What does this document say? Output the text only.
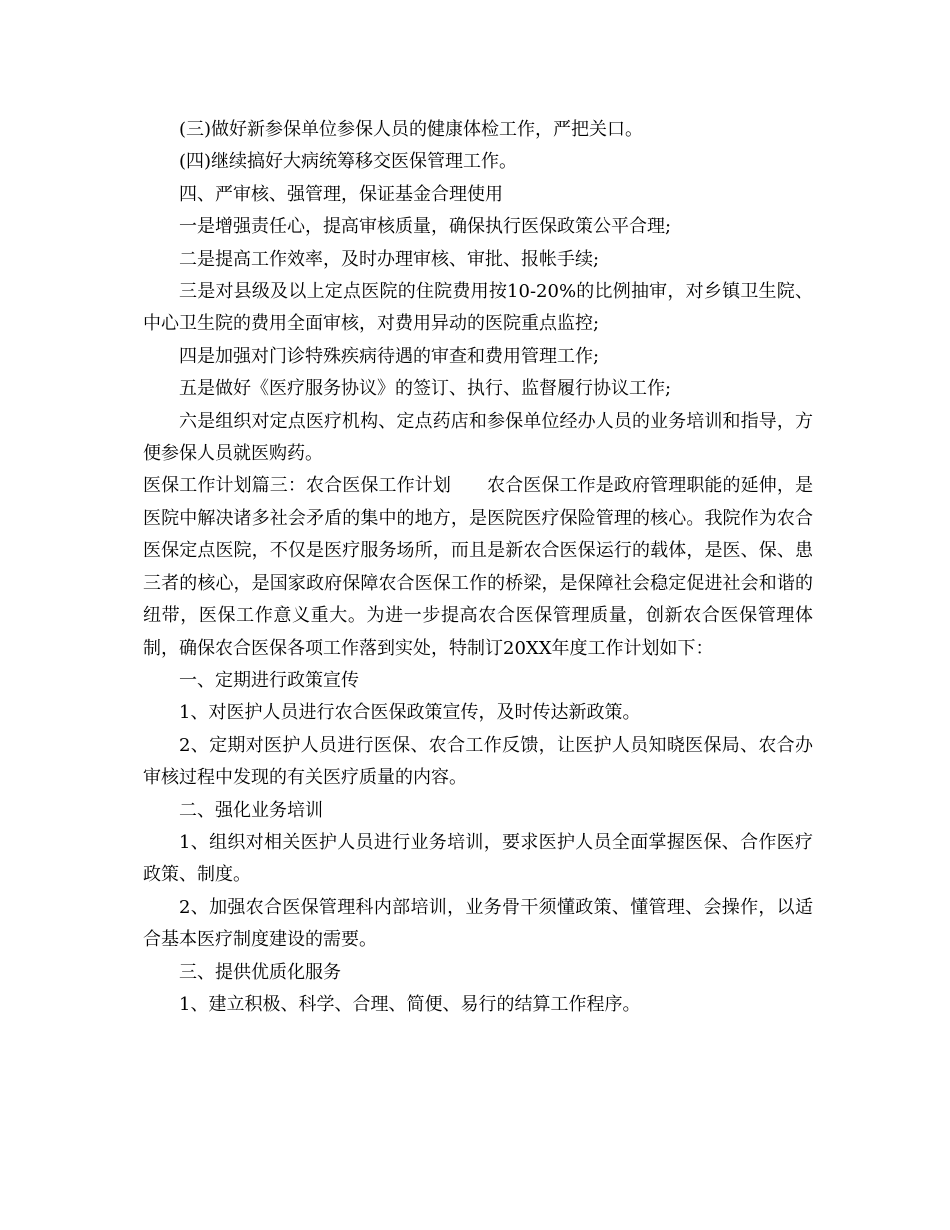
(三)做好新参保单位参保人员的健康体检工作，严把关口。

(四)继续搞好大病统筹移交医保管理工作。

四、严审核、强管理，保证基金合理使用

一是增强责任心，提高审核质量，确保执行医保政策公平合理;

二是提高工作效率，及时办理审核、审批、报帐手续;

三是对县级及以上定点医院的住院费用按10-20%的比例抽审，对乡镇卫生院、中心卫生院的费用全面审核，对费用异动的医院重点监控;

四是加强对门诊特殊疾病待遇的审查和费用管理工作;

五是做好《医疗服务协议》的签订、执行、监督履行协议工作;

六是组织对定点医疗机构、定点药店和参保单位经办人员的业务培训和指导，方便参保人员就医购药。

医保工作计划篇三：农合医保工作计划 农合医保工作是政府管理职能的延伸，是医院中解决诸多社会矛盾的集中的地方，是医院医疗保险管理的核心。我院作为农合医保定点医院，不仅是医疗服务场所，而且是新农合医保运行的载体，是医、保、患三者的核心，是国家政府保障农合医保工作的桥梁，是保障社会稳定促进社会和谐的纽带，医保工作意义重大。为进一步提高农合医保管理质量，创新农合医保管理体制，确保农合医保各项工作落到实处，特制订20XX年度工作计划如下：

一、定期进行政策宣传

1、对医护人员进行农合医保政策宣传，及时传达新政策。

2、定期对医护人员进行医保、农合工作反馈，让医护人员知晓医保局、农合办审核过程中发现的有关医疗质量的内容。

二、强化业务培训

1、组织对相关医护人员进行业务培训，要求医护人员全面掌握医保、合作医疗政策、制度。

2、加强农合医保管理科内部培训，业务骨干须懂政策、懂管理、会操作，以适合基本医疗制度建设的需要。

三、提供优质化服务

1、建立积极、科学、合理、简便、易行的结算工作程序。
